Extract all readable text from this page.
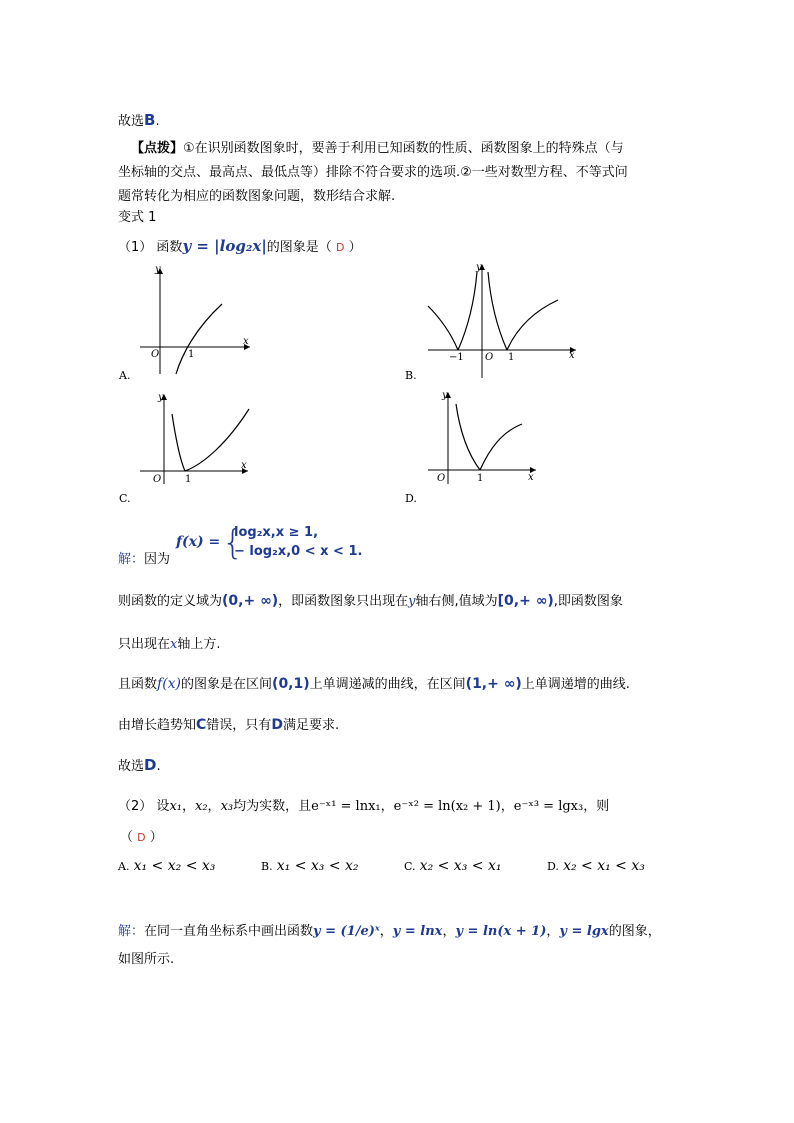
故选B.
【点拨】①在识别函数图象时，要善于利用已知函数的性质、函数图象上的特殊点（与
坐标轴的交点、最高点、最低点等）排除不符合要求的选项.②一些对数型方程、不等式问
题常转化为相应的函数图象问题，数形结合求解.
变式 1
（1） 函数y = |log₂x|的图象是（ D ）
y
x
O	1
A.
y
x
O
−1	1
B.
y
x
O 1
C.
y
x
O	1
D.
解：因为
f(x) = {
log₂x,x ≥ 1,
− log₂x,0 < x < 1.
则函数的定义域为(0,+ ∞)，即函数图象只出现在y轴右侧,值域为[0,+ ∞),即函数图象
只出现在x轴上方.
且函数f(x)的图象是在区间(0,1)上单调递减的曲线，在区间(1,+ ∞)上单调递增的曲线.
由增长趋势知C错误，只有D满足要求.
故选D.
（2） 设x₁，x₂，x₃均为实数，且e⁻ˣ¹ = lnx₁，e⁻ˣ² = ln(x₂ + 1)，e⁻ˣ³ = lgx₃，则
（ D ）
A. x₁ < x₂ < x₃	B. x₁ < x₃ < x₂	C. x₂ < x₃ < x₁	D. x₂ < x₁ < x₃
解：在同一直角坐标系中画出函数y = (1/e)ˣ，y = lnx，y = ln(x + 1)，y = lgx的图象，
如图所示.
